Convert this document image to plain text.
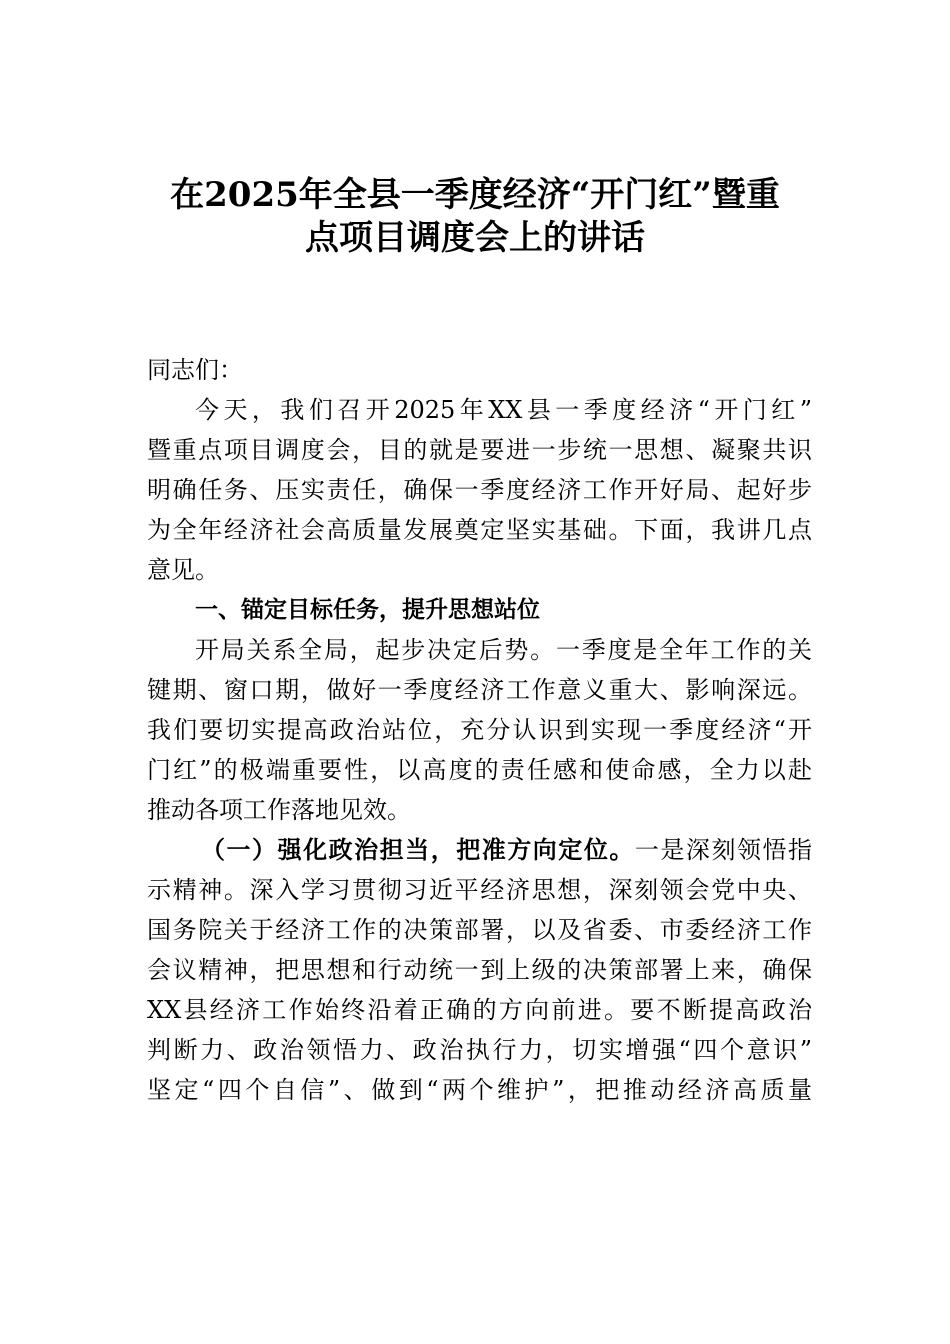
在2025年全县一季度经济“开门红”暨重
点项目调度会上的讲话
同志们：
今天，我们召开2025年XX县一季度经济“开门红”
暨重点项目调度会，目的就是要进一步统一思想、凝聚共识
明确任务、压实责任，确保一季度经济工作开好局、起好步
为全年经济社会高质量发展奠定坚实基础。下面，我讲几点
意见。
一、锚定目标任务，提升思想站位
开局关系全局，起步决定后势。一季度是全年工作的关
键期、窗口期，做好一季度经济工作意义重大、影响深远。
我们要切实提高政治站位，充分认识到实现一季度经济“开
门红”的极端重要性，以高度的责任感和使命感，全力以赴
推动各项工作落地见效。
（一）强化政治担当，把准方向定位。一是深刻领悟指
示精神。深入学习贯彻习近平经济思想，深刻领会党中央、
国务院关于经济工作的决策部署，以及省委、市委经济工作
会议精神，把思想和行动统一到上级的决策部署上来，确保
XX县经济工作始终沿着正确的方向前进。要不断提高政治
判断力、政治领悟力、政治执行力，切实增强“四个意识”
坚定“四个自信”、做到“两个维护”，把推动经济高质量
